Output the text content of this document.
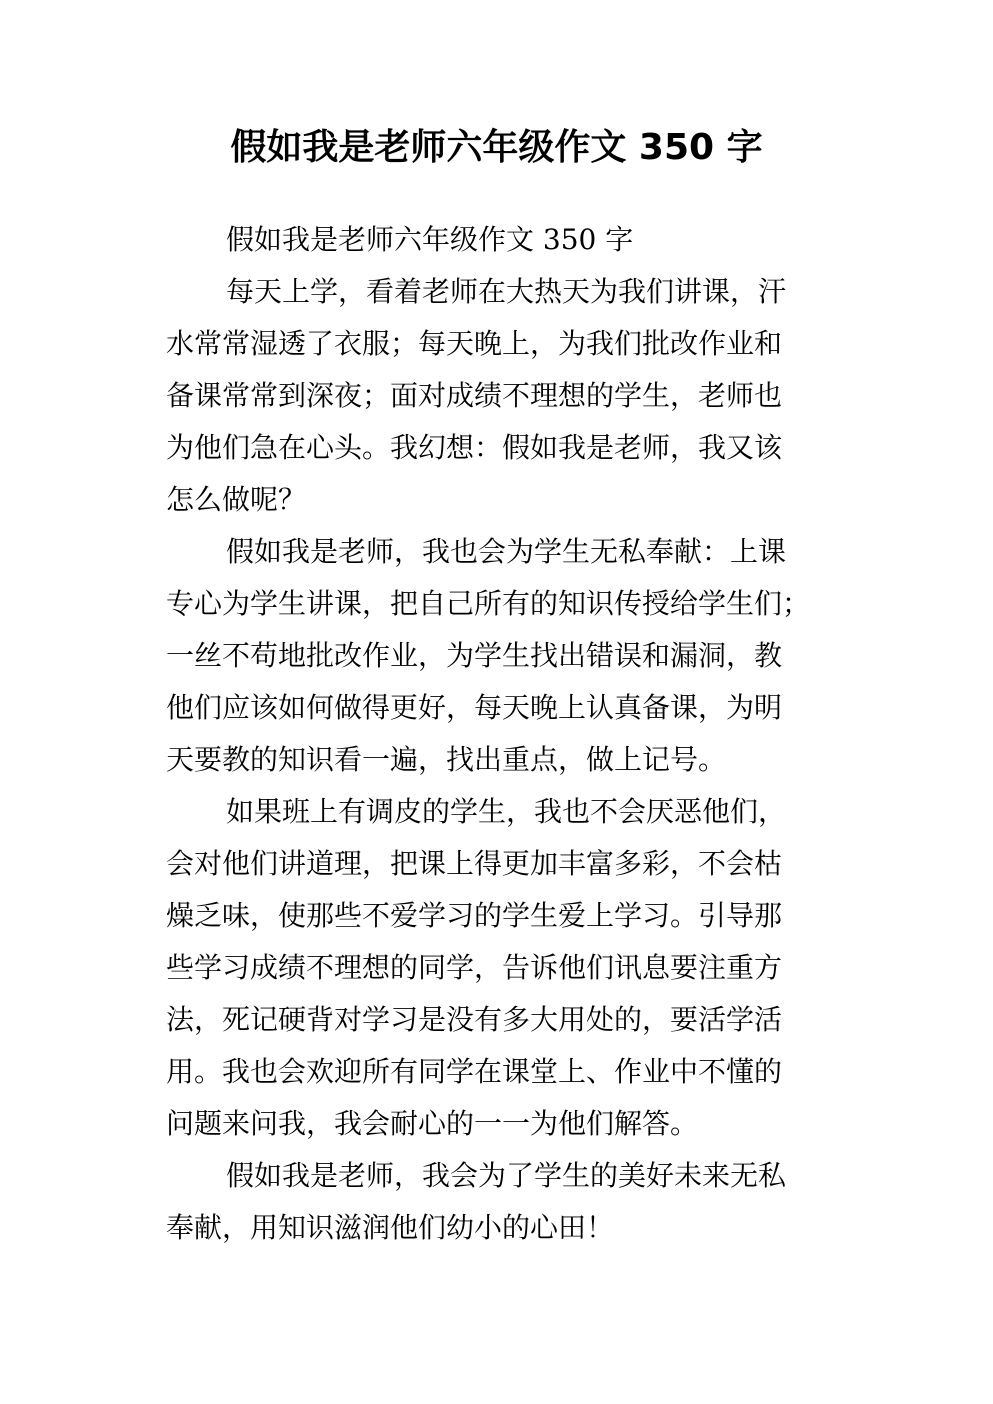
假如我是老师六年级作文 350 字
假如我是老师六年级作文 350 字
每天上学，看着老师在大热天为我们讲课，汗
水常常湿透了衣服；每天晚上，为我们批改作业和
备课常常到深夜；面对成绩不理想的学生，老师也
为他们急在心头。我幻想：假如我是老师，我又该
怎么做呢？
假如我是老师，我也会为学生无私奉献：上课
专心为学生讲课，把自己所有的知识传授给学生们；
一丝不苟地批改作业，为学生找出错误和漏洞，教
他们应该如何做得更好，每天晚上认真备课，为明
天要教的知识看一遍，找出重点，做上记号。
如果班上有调皮的学生，我也不会厌恶他们，
会对他们讲道理，把课上得更加丰富多彩，不会枯
燥乏味，使那些不爱学习的学生爱上学习。引导那
些学习成绩不理想的同学，告诉他们讯息要注重方
法，死记硬背对学习是没有多大用处的，要活学活
用。我也会欢迎所有同学在课堂上、作业中不懂的
问题来问我，我会耐心的一一为他们解答。
假如我是老师，我会为了学生的美好未来无私
奉献，用知识滋润他们幼小的心田！
